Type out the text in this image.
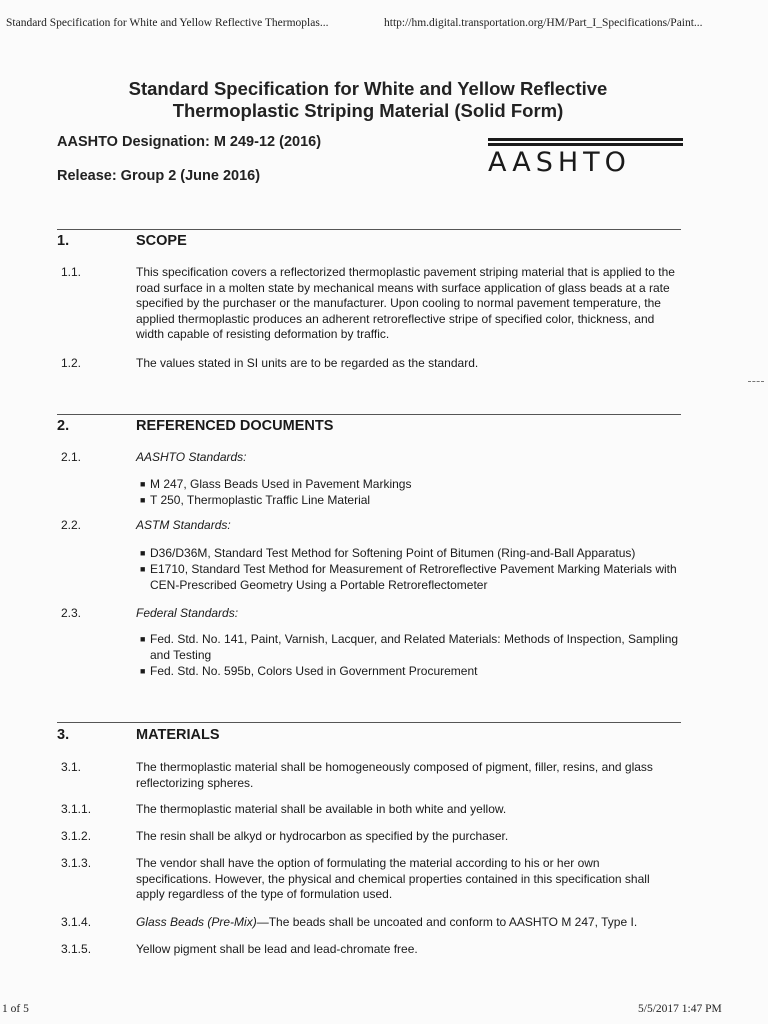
Standard Specification for White and Yellow Reflective Thermoplas...	http://hm.digital.transportation.org/HM/Part_I_Specifications/Paint...
Standard Specification for White and Yellow Reflective
Thermoplastic Striping Material (Solid Form)
AASHTO Designation: M 249-12 (2016)
Release: Group 2 (June 2016)	AASHTO
1.	SCOPE
1.1.	This specification covers a reflectorized thermoplastic pavement striping material that is applied to the road surface in a molten state by mechanical means with surface application of glass beads at a rate specified by the purchaser or the manufacturer. Upon cooling to normal pavement temperature, the applied thermoplastic produces an adherent retroreflective stripe of specified color, thickness, and width capable of resisting deformation by traffic.
1.2.	The values stated in SI units are to be regarded as the standard.
2.	REFERENCED DOCUMENTS
2.1.	AASHTO Standards:
■ M 247, Glass Beads Used in Pavement Markings
■ T 250, Thermoplastic Traffic Line Material
2.2.	ASTM Standards:
■ D36/D36M, Standard Test Method for Softening Point of Bitumen (Ring-and-Ball Apparatus)
■ E1710, Standard Test Method for Measurement of Retroreflective Pavement Marking Materials with CEN-Prescribed Geometry Using a Portable Retroreflectometer
2.3.	Federal Standards:
■ Fed. Std. No. 141, Paint, Varnish, Lacquer, and Related Materials: Methods of Inspection, Sampling and Testing
■ Fed. Std. No. 595b, Colors Used in Government Procurement
3.	MATERIALS
3.1.	The thermoplastic material shall be homogeneously composed of pigment, filler, resins, and glass reflectorizing spheres.
3.1.1.	The thermoplastic material shall be available in both white and yellow.
3.1.2.	The resin shall be alkyd or hydrocarbon as specified by the purchaser.
3.1.3.	The vendor shall have the option of formulating the material according to his or her own specifications. However, the physical and chemical properties contained in this specification shall apply regardless of the type of formulation used.
3.1.4.	Glass Beads (Pre-Mix)—The beads shall be uncoated and conform to AASHTO M 247, Type I.
3.1.5.	Yellow pigment shall be lead and lead-chromate free.
1 of 5	5/5/2017 1:47 PM
